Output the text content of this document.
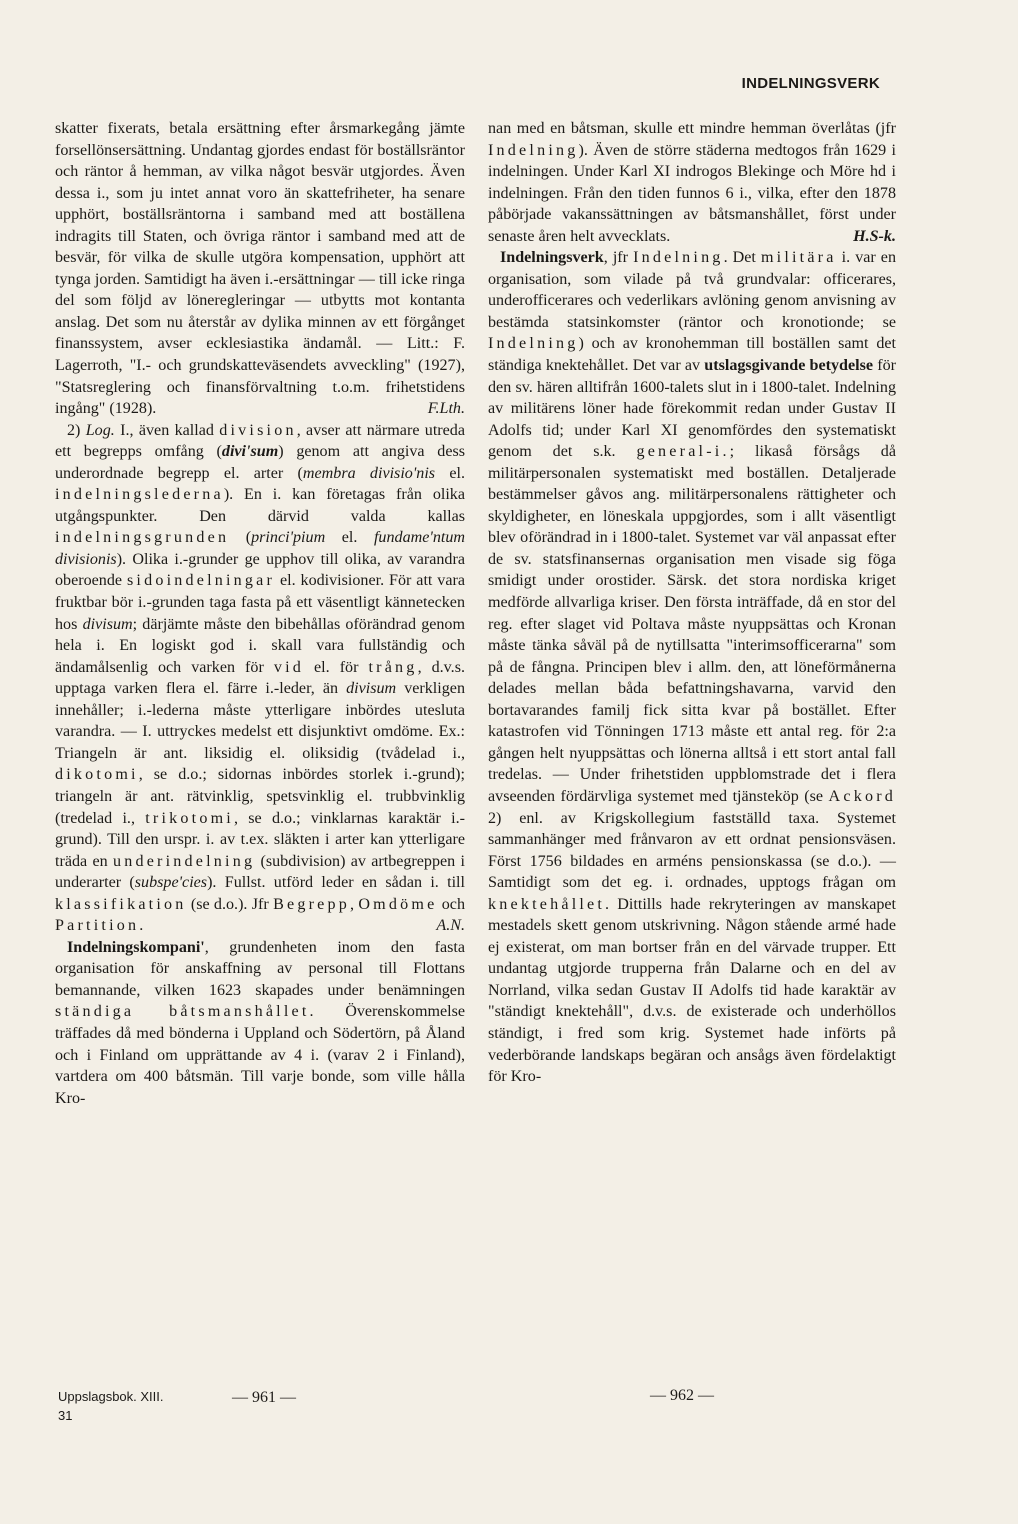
INDELNINGSVERK

skatter fixerats, betala ersättning efter årsmarkegång jämte forsellönsersättning. Undantag gjordes endast för boställsräntor och räntor å hemman, av vilka något besvär utgjordes. Även dessa i., som ju intet annat voro än skattefriheter, ha senare upphört, boställsräntorna i samband med att boställena indragits till Staten, och övriga räntor i samband med att de besvär, för vilka de skulle utgöra kompensation, upphört att tynga jorden. Samtidigt ha även i.-ersättningar — till icke ringa del som följd av löneregleringar — utbytts mot kontanta anslag. Det som nu återstår av dylika minnen av ett förgånget finanssystem, avser ecklesiastika ändamål. — Litt.: F. Lagerroth, "I.- och grundskatteväsendets avveckling" (1927), "Statsreglering och finansförvaltning t.o.m. frihetstidens ingång" (1928).	F.Lth.

2) Log. I., även kallad division, avser att närmare utreda ett begrepps omfång (divi'sum) genom att angiva dess underordnade begrepp el. arter (membra divisio'nis el. indelningslederna). En i. kan företagas från olika utgångspunkter. Den därvid valda kallas indelningsgrunden (princi'pium el. fundame'ntum divisionis). Olika i.-grunder ge upphov till olika, av varandra oberoende sidoindelningar el. kodivisioner. För att vara fruktbar bör i.-grunden taga fasta på ett väsentligt kännetecken hos divisum; därjämte måste den bibehållas oförändrad genom hela i. En logiskt god i. skall vara fullständig och ändamålsenlig och varken för vid el. för trång, d.v.s. upptaga varken flera el. färre i.-leder, än divisum verkligen innehåller; i.-lederna måste ytterligare inbördes utesluta varandra. — I. uttryckes medelst ett disjunktivt omdöme. Ex.: Triangeln är ant. liksidig el. oliksidig (tvådelad i., dikotomi, se d.o.; sidornas inbördes storlek i.-grund); triangeln är ant. rätvinklig, spetsvinklig el. trubbvinklig (tredelad i., trikotomi, se d.o.; vinklarnas karaktär i.-grund). Till den urspr. i. av t.ex. släkten i arter kan ytterligare träda en underindelning (subdivision) av artbegreppen i underarter (subspe'cies). Fullst. utförd leder en sådan i. till klassifikation (se d.o.). Jfr Begrepp, Omdöme och Partition.	A.N.

Indelningskompani', grundenheten inom den fasta organisation för anskaffning av personal till Flottans bemannande, vilken 1623 skapades under benämningen ständiga båtsmanshållet. Överenskommelse träffades då med bönderna i Uppland och Södertörn, på Åland och i Finland om upprättande av 4 i. (varav 2 i Finland), vartdera om 400 båtsmän. Till varje bonde, som ville hålla Kro-

nan med en båtsman, skulle ett mindre hemman överlåtas (jfr Indelning). Även de större städerna medtogos från 1629 i indelningen. Under Karl XI indrogos Blekinge och Möre hd i indelningen. Från den tiden funnos 6 i., vilka, efter den 1878 påbörjade vakanssättningen av båtsmanshållet, först under senaste åren helt avvecklats.	H.S-k.

Indelningsverk, jfr Indelning. Det militära i. var en organisation, som vilade på två grundvalar: officerares, underofficerares och vederlikars avlöning genom anvisning av bestämda statsinkomster (räntor och kronotionde; se Indelning) och av kronohemman till boställen samt det ständiga knektehållet. Det var av utslagsgivande betydelse för den sv. hären alltifrån 1600-talets slut in i 1800-talet. Indelning av militärens löner hade förekommit redan under Gustav II Adolfs tid; under Karl XI genomfördes den systematiskt genom det s.k. general-i.; likaså försågs då militärpersonalen systematiskt med boställen. Detaljerade bestämmelser gåvos ang. militärpersonalens rättigheter och skyldigheter, en löneskala uppgjordes, som i allt väsentligt blev oförändrad in i 1800-talet. Systemet var väl anpassat efter de sv. statsfinansernas organisation men visade sig föga smidigt under orostider. Särsk. det stora nordiska kriget medförde allvarliga kriser. Den första inträffade, då en stor del reg. efter slaget vid Poltava måste nyuppsättas och Kronan måste tänka såväl på de nytillsatta "interimsofficerarna" som på de fångna. Principen blev i allm. den, att löneförmånerna delades mellan båda befattningshavarna, varvid den bortavarandes familj fick sitta kvar på bostället. Efter katastrofen vid Tönningen 1713 måste ett antal reg. för 2:a gången helt nyuppsättas och lönerna alltså i ett stort antal fall tredelas. — Under frihetstiden uppblomstrade det i flera avseenden fördärvliga systemet med tjänsteköp (se Ackord 2) enl. av Krigskollegium fastställd taxa. Systemet sammanhänger med frånvaron av ett ordnat pensionsväsen. Först 1756 bildades en arméns pensionskassa (se d.o.). — Samtidigt som det eg. i. ordnades, upptogs frågan om knektehållet. Dittills hade rekryteringen av manskapet mestadels skett genom utskrivning. Någon stående armé hade ej existerat, om man bortser från en del värvade trupper. Ett undantag utgjorde trupperna från Dalarne och en del av Norrland, vilka sedan Gustav II Adolfs tid hade karaktär av "ständigt knektehåll", d.v.s. de existerade och underhöllos ständigt, i fred som krig. Systemet hade införts på vederbörande landskaps begäran och ansågs även fördelaktigt för Kro-

Uppslagsbok. XIII.
31
— 961 —	— 962 —
